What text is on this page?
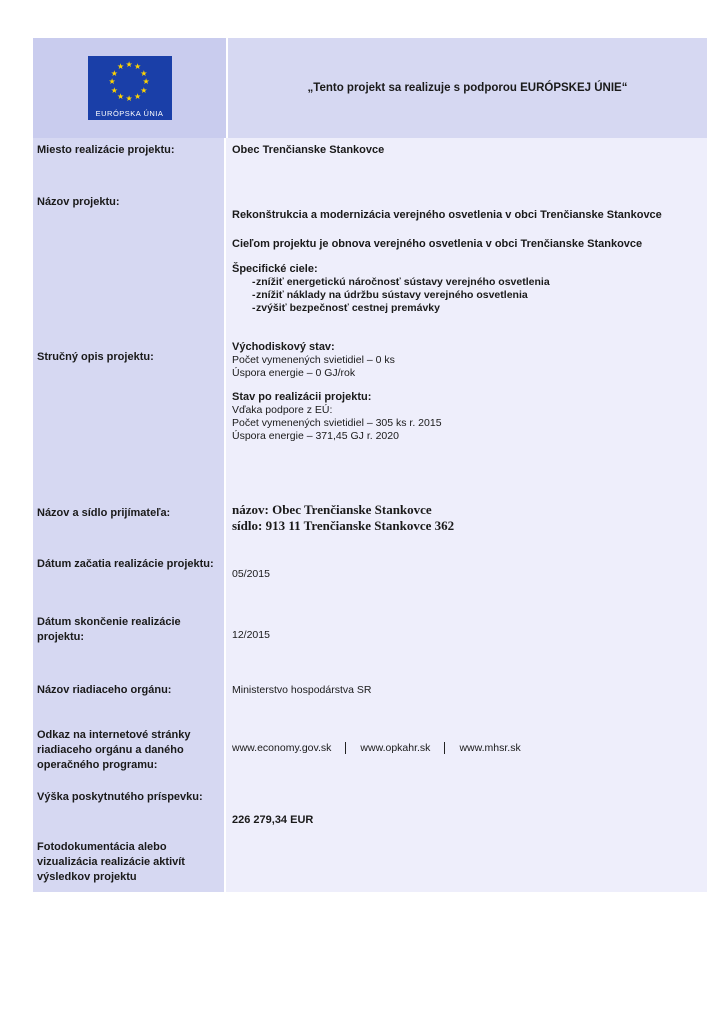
★ ★
★
★
★
★
★
★
★
★
★
★
EURÓPSKA ÚNIA
„Tento projekt sa realizuje s podporou EURÓPSKEJ ÚNIE“
Miesto realizácie projektu:	Obec Trenčianske Stankovce
Názov projektu:
Rekonštrukcia a modernizácia verejného osvetlenia v obci Trenčianske Stankovce
Stručný opis projektu:
Cieľom projektu je obnova verejného osvetlenia v obci Trenčianske Stankovce
Špecifické ciele:
- znížiť energetickú náročnosť sústavy verejného osvetlenia
- znížiť náklady na údržbu sústavy verejného osvetlenia
- zvýšiť bezpečnosť cestnej premávky
Východiskový stav:
Počet vymenených svietidiel – 0 ks
Úspora energie – 0 GJ/rok
Stav po realizácii projektu:
Vďaka podpore z EÚ:
Počet vymenených svietidiel – 305 ks r. 2015
Úspora energie – 371,45 GJ r. 2020
Názov a sídlo prijímateľa:	názov: Obec Trenčianske Stankovce
sídlo: 913 11 Trenčianske Stankovce 362
Dátum začatia realizácie projektu:
05/2015
Dátum skončenie realizácie projektu:	12/2015
Názov riadiaceho orgánu:	Ministerstvo hospodárstva SR
Odkaz na internetové stránky riadiaceho orgánu a daného operačného programu:
www.economy.gov.sk	www.opkahr.sk	www.mhsr.sk
Výška poskytnutého príspevku:
226 279,34 EUR
Fotodokumentácia alebo vizualizácia realizácie aktivít výsledkov projektu
